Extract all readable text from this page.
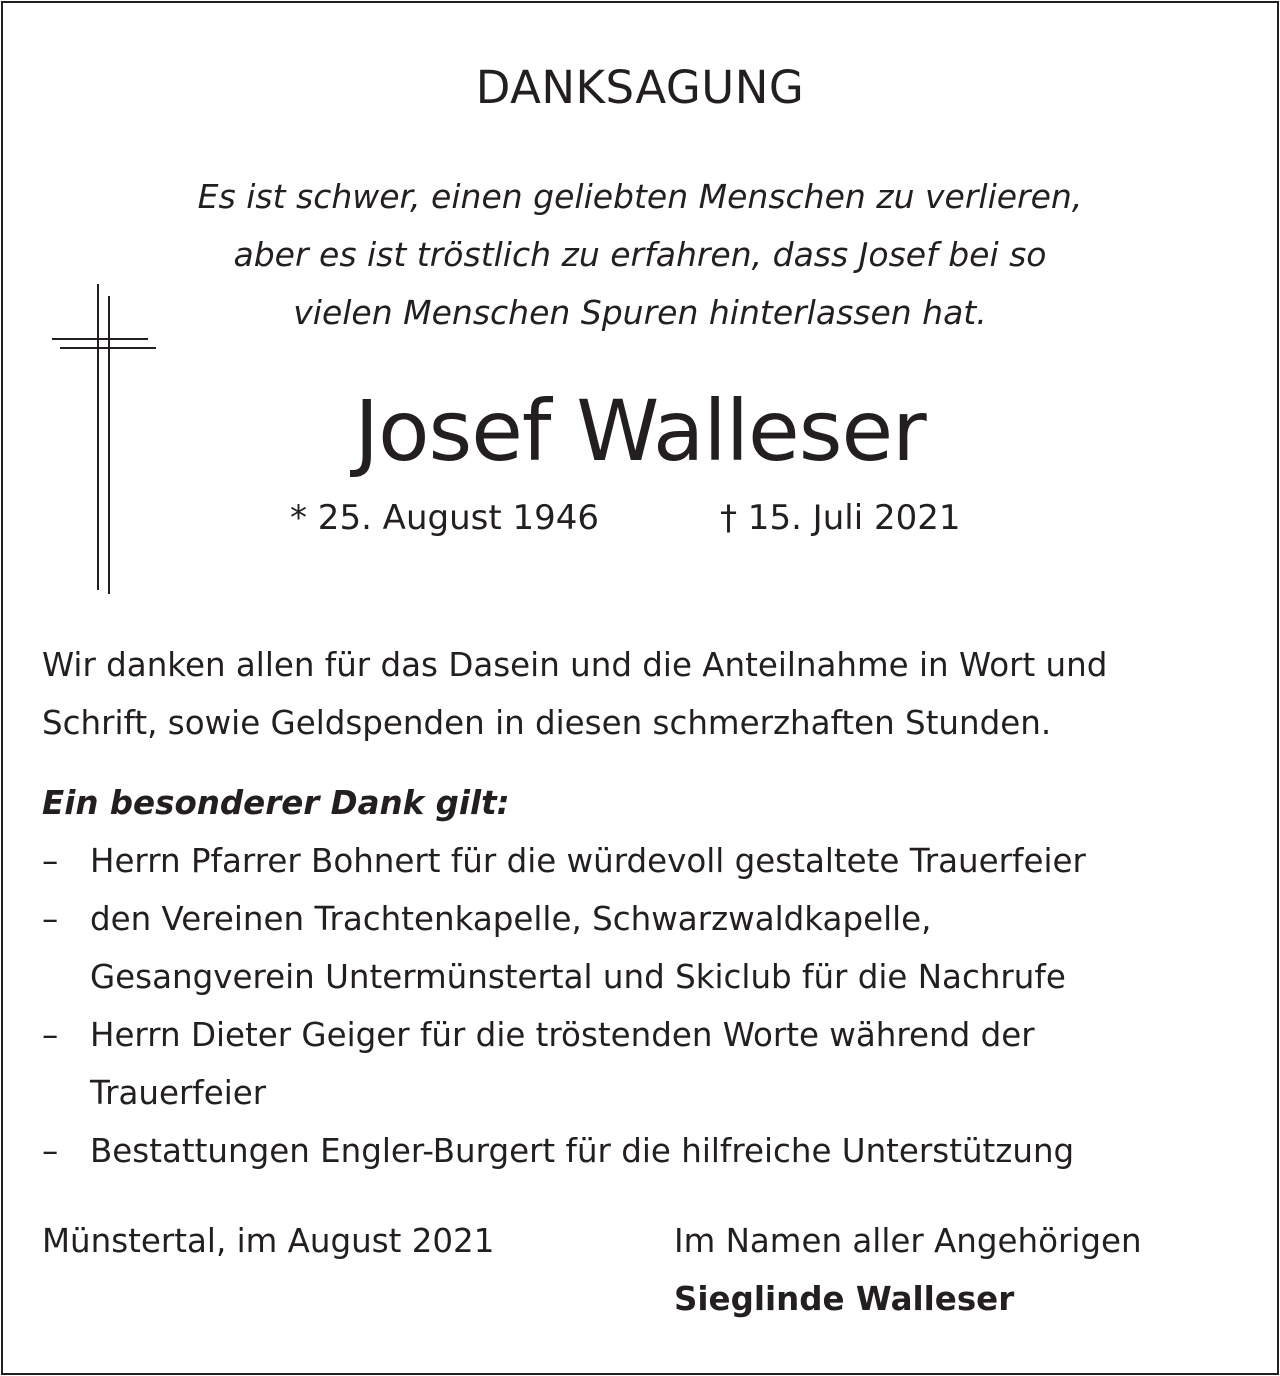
DANKSAGUNG
Es ist schwer, einen geliebten Menschen zu verlieren,
aber es ist tröstlich zu erfahren, dass Josef bei so
vielen Menschen Spuren hinterlassen hat.
Josef Walleser
* 25. August 1946	† 15. Juli 2021
Wir danken allen für das Dasein und die Anteilnahme in Wort und
Schrift, sowie Geldspenden in diesen schmerzhaften Stunden.
Ein besonderer Dank gilt:
– Herrn Pfarrer Bohnert für die würdevoll gestaltete Trauerfeier
– den Vereinen Trachtenkapelle, Schwarzwaldkapelle,
Gesangverein Untermünstertal und Skiclub für die Nachrufe
– Herrn Dieter Geiger für die tröstenden Worte während der
Trauerfeier
– Bestattungen Engler-Burgert für die hilfreiche Unterstützung
Münstertal, im August 2021	Im Namen aller Angehörigen
Sieglinde Walleser
